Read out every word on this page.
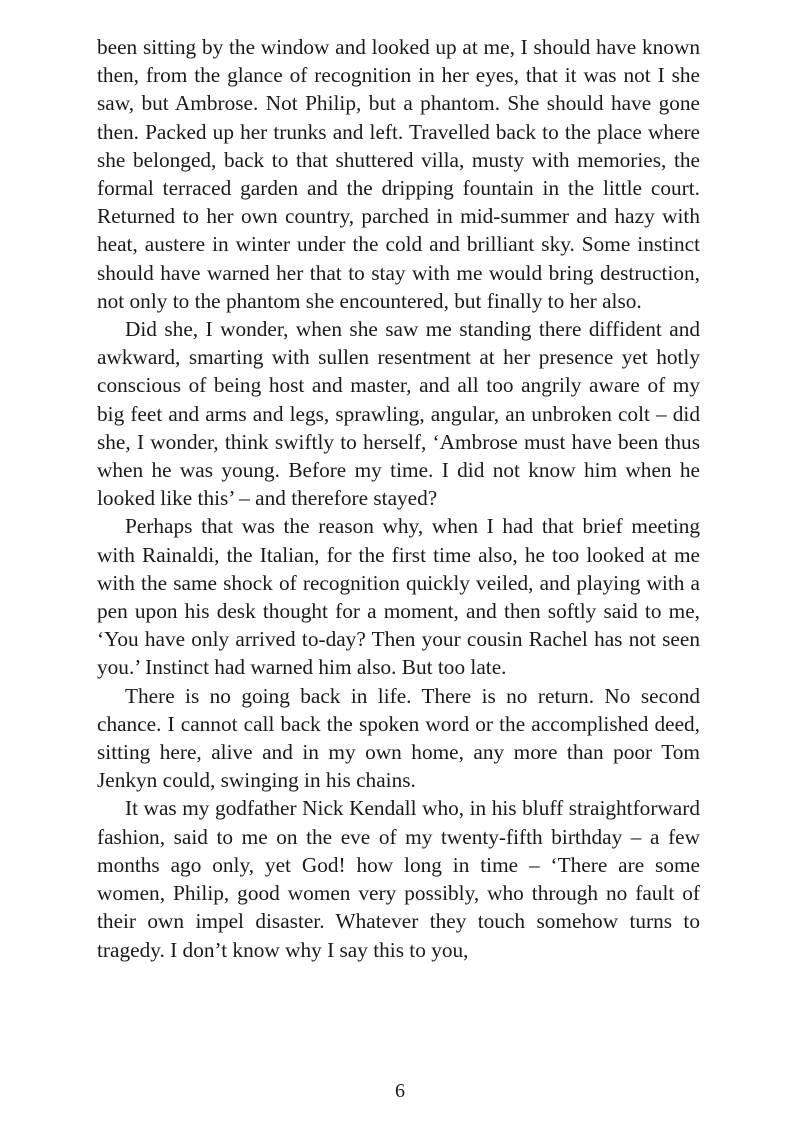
been sitting by the window and looked up at me, I should have known then, from the glance of recognition in her eyes, that it was not I she saw, but Ambrose. Not Philip, but a phantom. She should have gone then. Packed up her trunks and left. Travelled back to the place where she belonged, back to that shuttered villa, musty with memories, the formal terraced garden and the dripping fountain in the little court. Returned to her own country, parched in mid-summer and hazy with heat, austere in winter under the cold and brilliant sky. Some instinct should have warned her that to stay with me would bring destruction, not only to the phantom she encountered, but finally to her also.

Did she, I wonder, when she saw me standing there diffident and awkward, smarting with sullen resentment at her presence yet hotly conscious of being host and master, and all too angrily aware of my big feet and arms and legs, sprawling, angular, an unbroken colt – did she, I wonder, think swiftly to herself, ‘Ambrose must have been thus when he was young. Before my time. I did not know him when he looked like this’ – and therefore stayed?

Perhaps that was the reason why, when I had that brief meeting with Rainaldi, the Italian, for the first time also, he too looked at me with the same shock of recognition quickly veiled, and playing with a pen upon his desk thought for a moment, and then softly said to me, ‘You have only arrived to-day? Then your cousin Rachel has not seen you.’ Instinct had warned him also. But too late.

There is no going back in life. There is no return. No second chance. I cannot call back the spoken word or the accomplished deed, sitting here, alive and in my own home, any more than poor Tom Jenkyn could, swinging in his chains.

It was my godfather Nick Kendall who, in his bluff straightforward fashion, said to me on the eve of my twenty-fifth birthday – a few months ago only, yet God! how long in time – ‘There are some women, Philip, good women very possibly, who through no fault of their own impel disaster. Whatever they touch somehow turns to tragedy. I don’t know why I say this to you,

6
